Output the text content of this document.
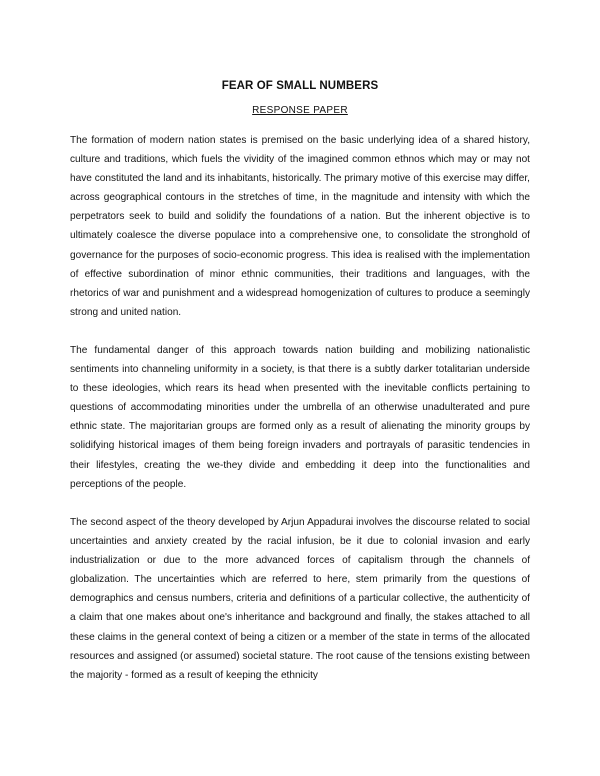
FEAR OF SMALL NUMBERS
RESPONSE PAPER

The formation of modern nation states is premised on the basic underlying idea of a shared history, culture and traditions, which fuels the vividity of the imagined common ethnos which may or may not have constituted the land and its inhabitants, historically. The primary motive of this exercise may differ, across geographical contours in the stretches of time, in the magnitude and intensity with which the perpetrators seek to build and solidify the foundations of a nation. But the inherent objective is to ultimately coalesce the diverse populace into a comprehensive one, to consolidate the stronghold of governance for the purposes of socio-economic progress. This idea is realised with the implementation of effective subordination of minor ethnic communities, their traditions and languages, with the rhetorics of war and punishment and a widespread homogenization of cultures to produce a seemingly strong and united nation.

The fundamental danger of this approach towards nation building and mobilizing nationalistic sentiments into channeling uniformity in a society, is that there is a subtly darker totalitarian underside to these ideologies, which rears its head when presented with the inevitable conflicts pertaining to questions of accommodating minorities under the umbrella of an otherwise unadulterated and pure ethnic state. The majoritarian groups are formed only as a result of alienating the minority groups by solidifying historical images of them being foreign invaders and portrayals of parasitic tendencies in their lifestyles, creating the we-they divide and embedding it deep into the functionalities and perceptions of the people.

The second aspect of the theory developed by Arjun Appadurai involves the discourse related to social uncertainties and anxiety created by the racial infusion, be it due to colonial invasion and early industrialization or due to the more advanced forces of capitalism through the channels of globalization. The uncertainties which are referred to here, stem primarily from the questions of demographics and census numbers, criteria and definitions of a particular collective, the authenticity of a claim that one makes about one's inheritance and background and finally, the stakes attached to all these claims in the general context of being a citizen or a member of the state in terms of the allocated resources and assigned (or assumed) societal stature. The root cause of the tensions existing between the majority - formed as a result of keeping the ethnicity
